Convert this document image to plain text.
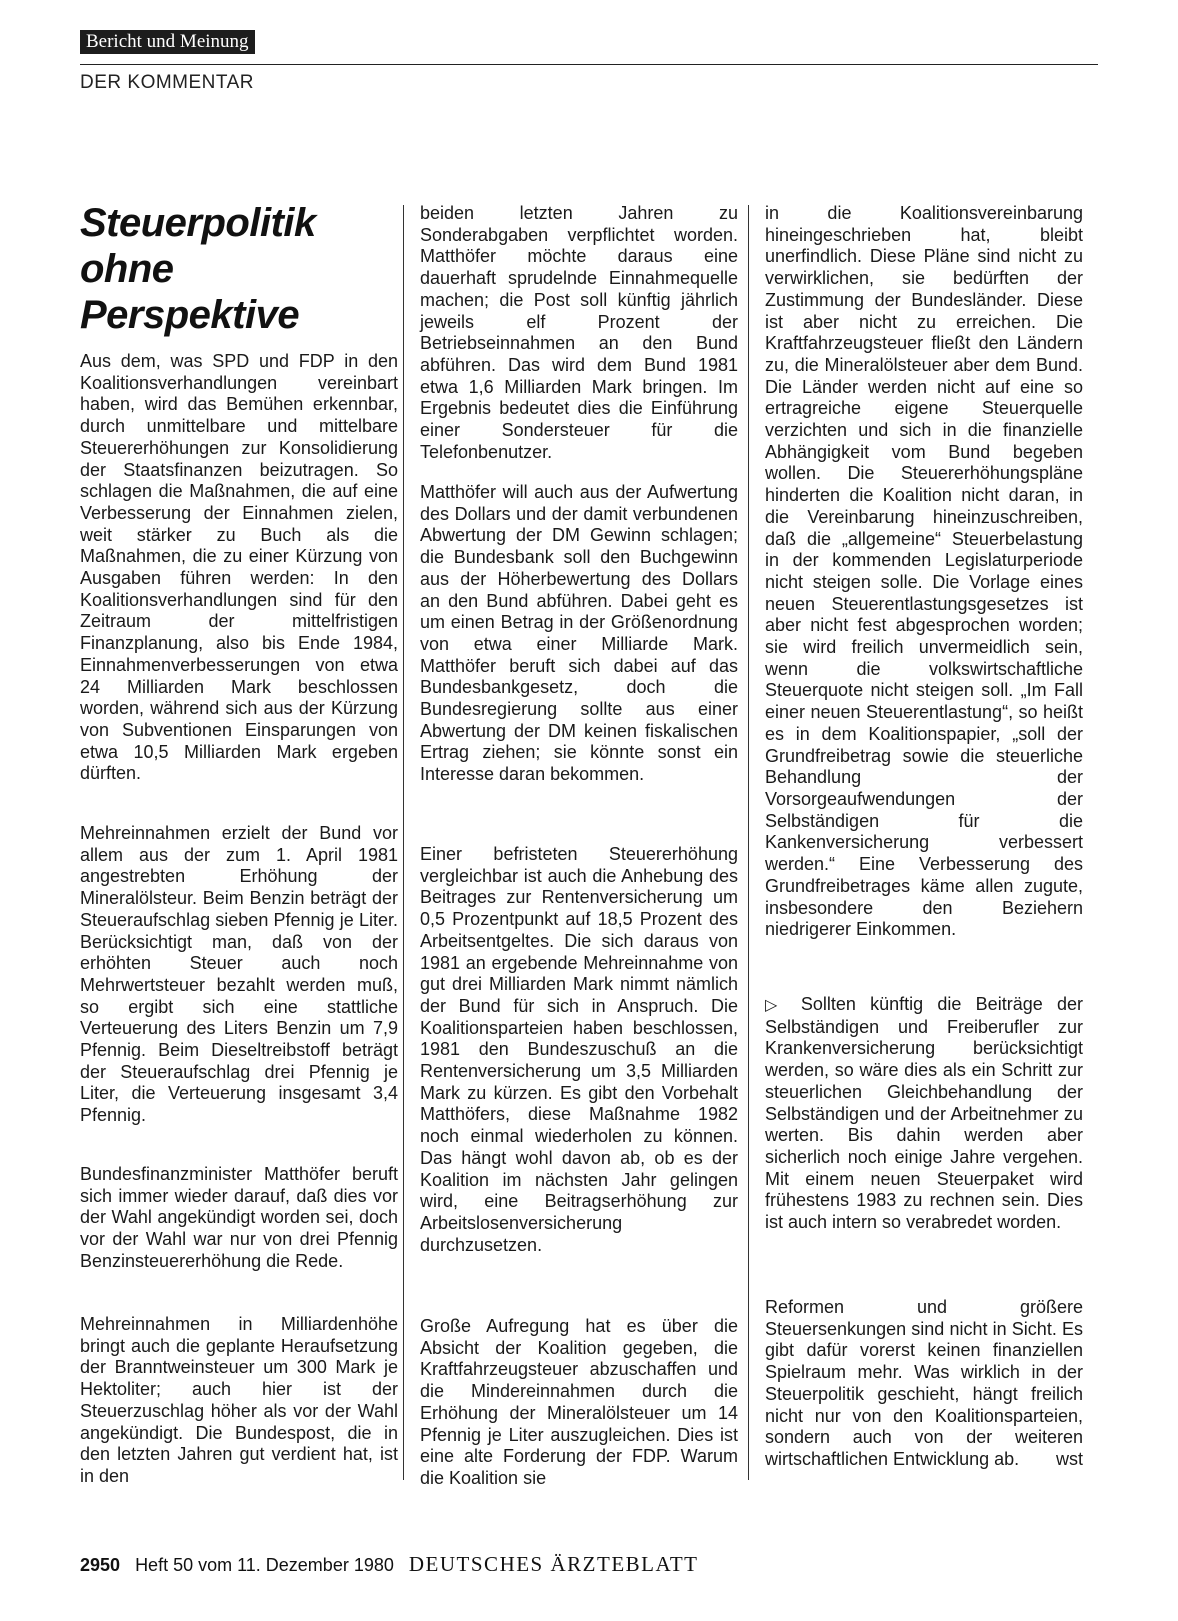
Bericht und Meinung
DER KOMMENTAR
Steuerpolitik
ohne
Perspektive

Aus dem, was SPD und FDP in den Koalitionsverhandlungen vereinbart haben, wird das Bemühen erkennbar, durch unmittelbare und mittelbare Steuererhöhungen zur Konsolidierung der Staatsfinanzen beizutragen. So schlagen die Maßnahmen, die auf eine Verbesserung der Einnahmen zielen, weit stärker zu Buch als die Maßnahmen, die zu einer Kürzung von Ausgaben führen werden: In den Koalitionsverhandlungen sind für den Zeitraum der mittelfristigen Finanzplanung, also bis Ende 1984, Einnahmenverbesserungen von etwa 24 Milliarden Mark beschlossen worden, während sich aus der Kürzung von Subventionen Einsparungen von etwa 10,5 Milliarden Mark ergeben dürften.

Mehreinnahmen erzielt der Bund vor allem aus der zum 1. April 1981 angestrebten Erhöhung der Mineralölsteur. Beim Benzin beträgt der Steueraufschlag sieben Pfennig je Liter. Berücksichtigt man, daß von der erhöhten Steuer auch noch Mehrwertsteuer bezahlt werden muß, so ergibt sich eine stattliche Verteuerung des Liters Benzin um 7,9 Pfennig. Beim Dieseltreibstoff beträgt der Steueraufschlag drei Pfennig je Liter, die Verteuerung insgesamt 3,4 Pfennig.

Bundesfinanzminister Matthöfer beruft sich immer wieder darauf, daß dies vor der Wahl angekündigt worden sei, doch vor der Wahl war nur von drei Pfennig Benzinsteuererhöhung die Rede.

Mehreinnahmen in Milliardenhöhe bringt auch die geplante Heraufsetzung der Branntweinsteuer um 300 Mark je Hektoliter; auch hier ist der Steuerzuschlag höher als vor der Wahl angekündigt. Die Bundespost, die in den letzten Jahren gut verdient hat, ist in den

beiden letzten Jahren zu Sonderabgaben verpflichtet worden. Matthöfer möchte daraus eine dauerhaft sprudelnde Einnahmequelle machen; die Post soll künftig jährlich jeweils elf Prozent der Betriebseinnahmen an den Bund abführen. Das wird dem Bund 1981 etwa 1,6 Milliarden Mark bringen. Im Ergebnis bedeutet dies die Einführung einer Sondersteuer für die Telefonbenutzer.

Matthöfer will auch aus der Aufwertung des Dollars und der damit verbundenen Abwertung der DM Gewinn schlagen; die Bundesbank soll den Buchgewinn aus der Höherbewertung des Dollars an den Bund abführen. Dabei geht es um einen Betrag in der Größenordnung von etwa einer Milliarde Mark. Matthöfer beruft sich dabei auf das Bundesbankgesetz, doch die Bundesregierung sollte aus einer Abwertung der DM keinen fiskalischen Ertrag ziehen; sie könnte sonst ein Interesse daran bekommen.

Einer befristeten Steuererhöhung vergleichbar ist auch die Anhebung des Beitrages zur Rentenversicherung um 0,5 Prozentpunkt auf 18,5 Prozent des Arbeitsentgeltes. Die sich daraus von 1981 an ergebende Mehreinnahme von gut drei Milliarden Mark nimmt nämlich der Bund für sich in Anspruch. Die Koalitionsparteien haben beschlossen, 1981 den Bundeszuschuß an die Rentenversicherung um 3,5 Milliarden Mark zu kürzen. Es gibt den Vorbehalt Matthöfers, diese Maßnahme 1982 noch einmal wiederholen zu können. Das hängt wohl davon ab, ob es der Koalition im nächsten Jahr gelingen wird, eine Beitragserhöhung zur Arbeitslosenversicherung durchzusetzen.

Große Aufregung hat es über die Absicht der Koalition gegeben, die Kraftfahrzeugsteuer abzuschaffen und die Mindereinnahmen durch die Erhöhung der Mineralölsteuer um 14 Pfennig je Liter auszugleichen. Dies ist eine alte Forderung der FDP. Warum die Koalition sie

in die Koalitionsvereinbarung hineingeschrieben hat, bleibt unerfindlich. Diese Pläne sind nicht zu verwirklichen, sie bedürften der Zustimmung der Bundesländer. Diese ist aber nicht zu erreichen. Die Kraftfahrzeugsteuer fließt den Ländern zu, die Mineralölsteuer aber dem Bund. Die Länder werden nicht auf eine so ertragreiche eigene Steuerquelle verzichten und sich in die finanzielle Abhängigkeit vom Bund begeben wollen. Die Steuererhöhungspläne hinderten die Koalition nicht daran, in die Vereinbarung hineinzuschreiben, daß die „allgemeine“ Steuerbelastung in der kommenden Legislaturperiode nicht steigen solle. Die Vorlage eines neuen Steuerentlastungsgesetzes ist aber nicht fest abgesprochen worden; sie wird freilich unvermeidlich sein, wenn die volkswirtschaftliche Steuerquote nicht steigen soll. „Im Fall einer neuen Steuerentlastung“, so heißt es in dem Koalitionspapier, „soll der Grundfreibetrag sowie die steuerliche Behandlung der Vorsorgeaufwendungen der Selbständigen für die Kankenversicherung verbessert werden.“ Eine Verbesserung des Grundfreibetrages käme allen zugute, insbesondere den Beziehern niedrigerer Einkommen.

▷ Sollten künftig die Beiträge der Selbständigen und Freiberufler zur Krankenversicherung berücksichtigt werden, so wäre dies als ein Schritt zur steuerlichen Gleichbehandlung der Selbständigen und der Arbeitnehmer zu werten. Bis dahin werden aber sicherlich noch einige Jahre vergehen. Mit einem neuen Steuerpaket wird frühestens 1983 zu rechnen sein. Dies ist auch intern so verabredet worden.

Reformen und größere Steuersenkungen sind nicht in Sicht. Es gibt dafür vorerst keinen finanziellen Spielraum mehr. Was wirklich in der Steuerpolitik geschieht, hängt freilich nicht nur von den Koalitionsparteien, sondern auch von der weiteren wirtschaftlichen Entwicklung ab. wst

2950 Heft 50 vom 11. Dezember 1980 DEUTSCHES ÄRZTEBLATT
